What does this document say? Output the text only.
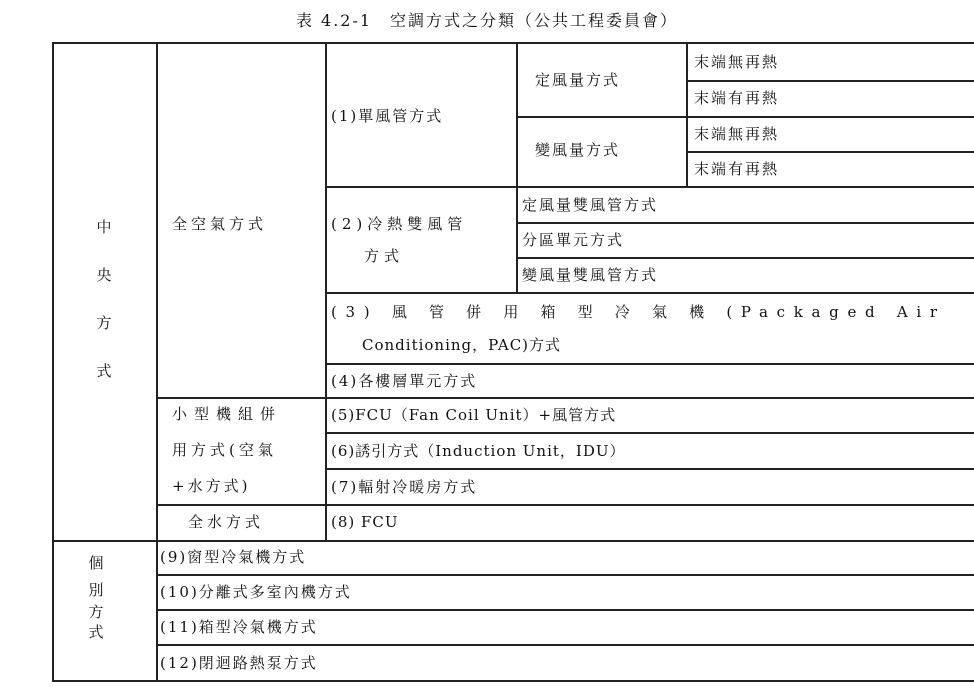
表 4.2-1　空調方式之分類（公共工程委員會）
中
央
方
式
個
別
方
式
全空氣方式
小型機組併
用方式(空氣
+水方式)
全水方式
(1)單風管方式
(2)冷熱雙風管
方式
定風量方式
變風量方式
末端無再熱
末端有再熱
末端無再熱
末端有再熱
定風量雙風管方式
分區單元方式
變風量雙風管方式
(3) 風 管 併 用 箱 型 冷 氣 機 (Packaged Air
Conditioning，PAC)方式
(4)各樓層單元方式
(5)FCU（Fan Coil Unit）+風管方式
(6)誘引方式（Induction Unit，IDU）
(7)輻射冷暖房方式
(8) FCU
(9)窗型冷氣機方式
(10)分離式多室內機方式
(11)箱型冷氣機方式
(12)閉迴路熱泵方式
